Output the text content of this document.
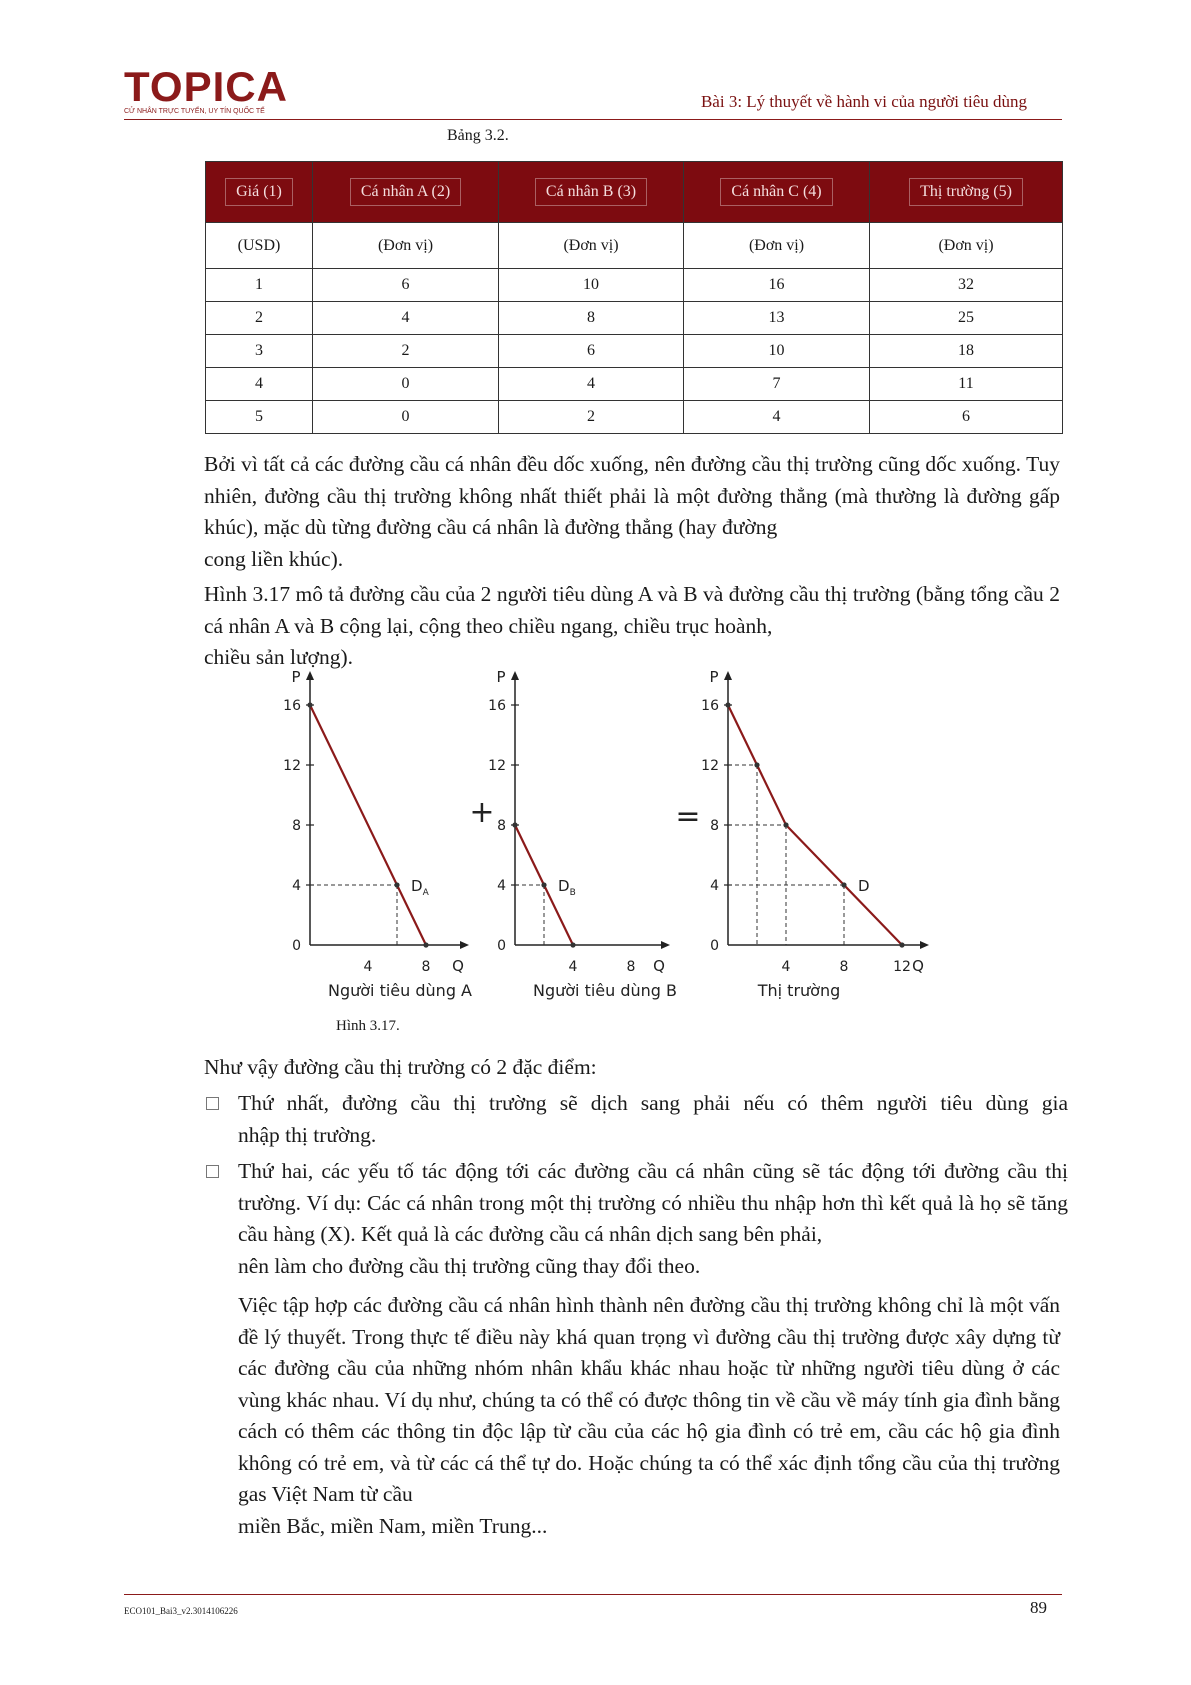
TOPICA
CỬ NHÂN TRỰC TUYẾN, UY TÍN QUỐC TẾ
Bài 3: Lý thuyết về hành vi của người tiêu dùng
Bảng 3.2.
Giá (1)	Cá nhân A (2)	Cá nhân B (3)	Cá nhân C (4)	Thị trường (5)
(USD)	(Đơn vị)	(Đơn vị)	(Đơn vị)	(Đơn vị)
1	6	10	16	32
2	4	8	13	25
3	2	6	10	18
4	0	4	7	11
5	0	2	4	6
Bởi vì tất cả các đường cầu cá nhân đều dốc xuống, nên đường cầu thị trường cũng dốc xuống. Tuy nhiên, đường cầu thị trường không nhất thiết phải là một đường thẳng (mà thường là đường gấp khúc), mặc dù từng đường cầu cá nhân là đường thẳng (hay đường
cong liền khúc).
Hình 3.17 mô tả đường cầu của 2 người tiêu dùng A và B và đường cầu thị trường (bằng tổng cầu 2 cá nhân A và B cộng lại, cộng theo chiều ngang, chiều trục hoành,
chiều sản lượng).
P
Q
0
4
8
12
16
4	8
$D_A$
Người tiêu dùng A
P
Q
0
4
8
12
16
4	8
$D_B$
Người tiêu dùng B
P
Q
0
4
8
12
16
4	8	12
D
Thị trường
+	=
Hình 3.17.
Như vậy đường cầu thị trường có 2 đặc điểm:
Thứ nhất, đường cầu thị trường sẽ dịch sang phải nếu có thêm người tiêu dùng gia
nhập thị trường.
Thứ hai, các yếu tố tác động tới các đường cầu cá nhân cũng sẽ tác động tới đường cầu thị trường. Ví dụ: Các cá nhân trong một thị trường có nhiều thu nhập hơn thì kết quả là họ sẽ tăng cầu hàng (X). Kết quả là các đường cầu cá nhân dịch sang bên phải,
nên làm cho đường cầu thị trường cũng thay đổi theo.
Việc tập hợp các đường cầu cá nhân hình thành nên đường cầu thị trường không chỉ là một vấn đề lý thuyết. Trong thực tế điều này khá quan trọng vì đường cầu thị trường được xây dựng từ các đường cầu của những nhóm nhân khẩu khác nhau hoặc từ những người tiêu dùng ở các vùng khác nhau. Ví dụ như, chúng ta có thể có được thông tin về cầu về máy tính gia đình bằng cách có thêm các thông tin độc lập từ cầu của các hộ gia đình có trẻ em, cầu các hộ gia đình không có trẻ em, và từ các cá thể tự do. Hoặc chúng ta có thể xác định tổng cầu của thị trường gas Việt Nam từ cầu
miền Bắc, miền Nam, miền Trung...
ECO101_Bai3_v2.3014106226	89
